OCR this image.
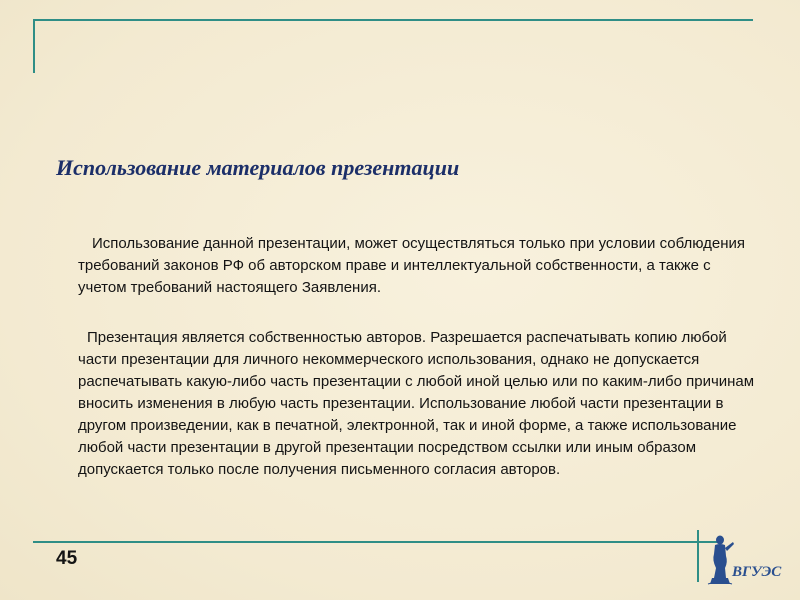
Использование материалов презентации

Использование данной презентации, может осуществляться только при условии соблюдения требований законов РФ об авторском праве и интеллектуальной собственности, а также с учетом требований настоящего Заявления.

Презентация является собственностью авторов. Разрешается распечатывать копию любой части презентации для личного некоммерческого использования, однако не допускается распечатывать какую-либо часть презентации с любой иной целью или по каким-либо причинам вносить изменения в любую часть презентации. Использование любой части презентации в другом произведении, как в печатной, электронной, так и иной форме, а также использование любой части презентации в другой презентации посредством ссылки или иным образом допускается только после получения письменного согласия авторов.

45
ВГУЭС
